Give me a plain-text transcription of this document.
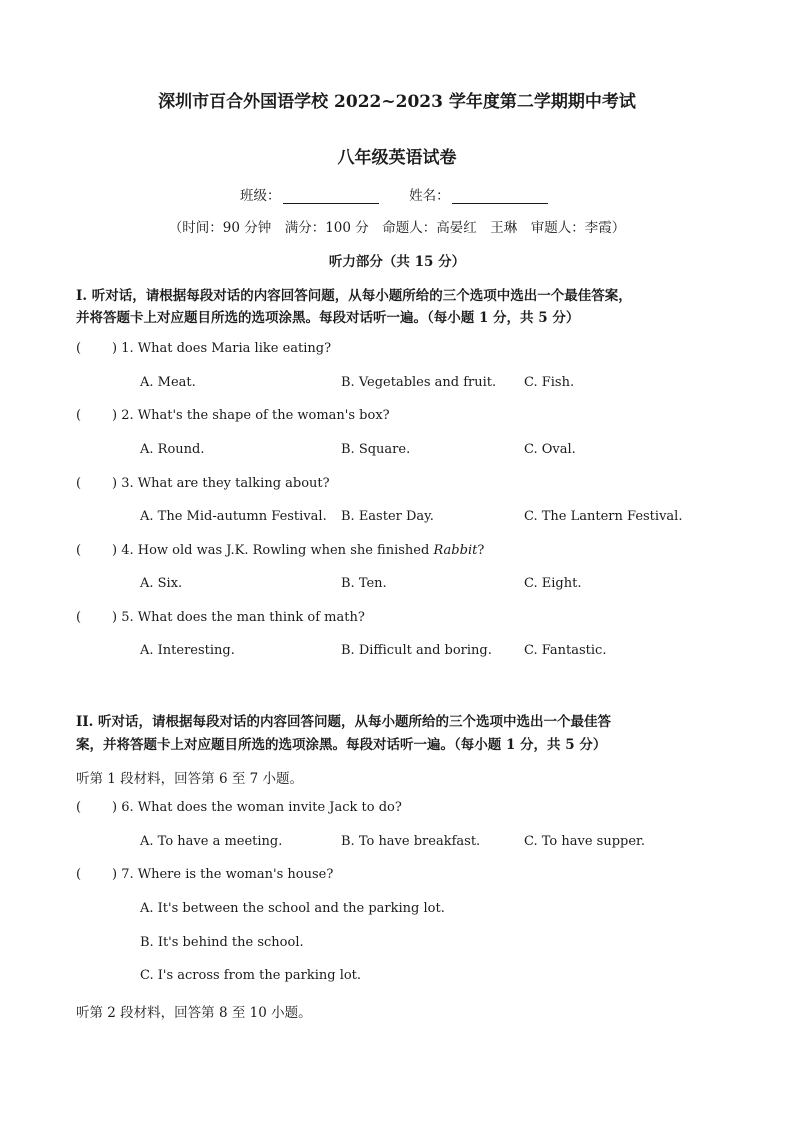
深圳市百合外国语学校 2022~2023 学年度第二学期期中考试
八年级英语试卷
班级：	姓名：
（时间：90 分钟　满分：100 分　命题人：高晏红　王琳　审题人：李霞）
听力部分（共 15 分）
I. 听对话，请根据每段对话的内容回答问题，从每小题所给的三个选项中选出一个最佳答案，
并将答题卡上对应题目所选的选项涂黑。每段对话听一遍。（每小题 1 分，共 5 分）
( ) 1. What does Maria like eating?
A. Meat.	B. Vegetables and fruit. C. Fish.
( ) 2. What's the shape of the woman's box?
A. Round.	B. Square.	C. Oval.
( ) 3. What are they talking about?
A. The Mid-autumn Festival. B. Easter Day.	C. The Lantern Festival.
( ) 4. How old was J.K. Rowling when she finished Rabbit?
A. Six.	B. Ten.	C. Eight.
( ) 5. What does the man think of math?
A. Interesting.	B. Difficult and boring. C. Fantastic.
II. 听对话，请根据每段对话的内容回答问题，从每小题所给的三个选项中选出一个最佳答
案，并将答题卡上对应题目所选的选项涂黑。每段对话听一遍。（每小题 1 分，共 5 分）
听第 1 段材料，回答第 6 至 7 小题。
( ) 6. What does the woman invite Jack to do?
A. To have a meeting.	B. To have breakfast.	C. To have supper.
( ) 7. Where is the woman's house?
A. It's between the school and the parking lot.
B. It's behind the school.
C. I's across from the parking lot.
听第 2 段材料，回答第 8 至 10 小题。
